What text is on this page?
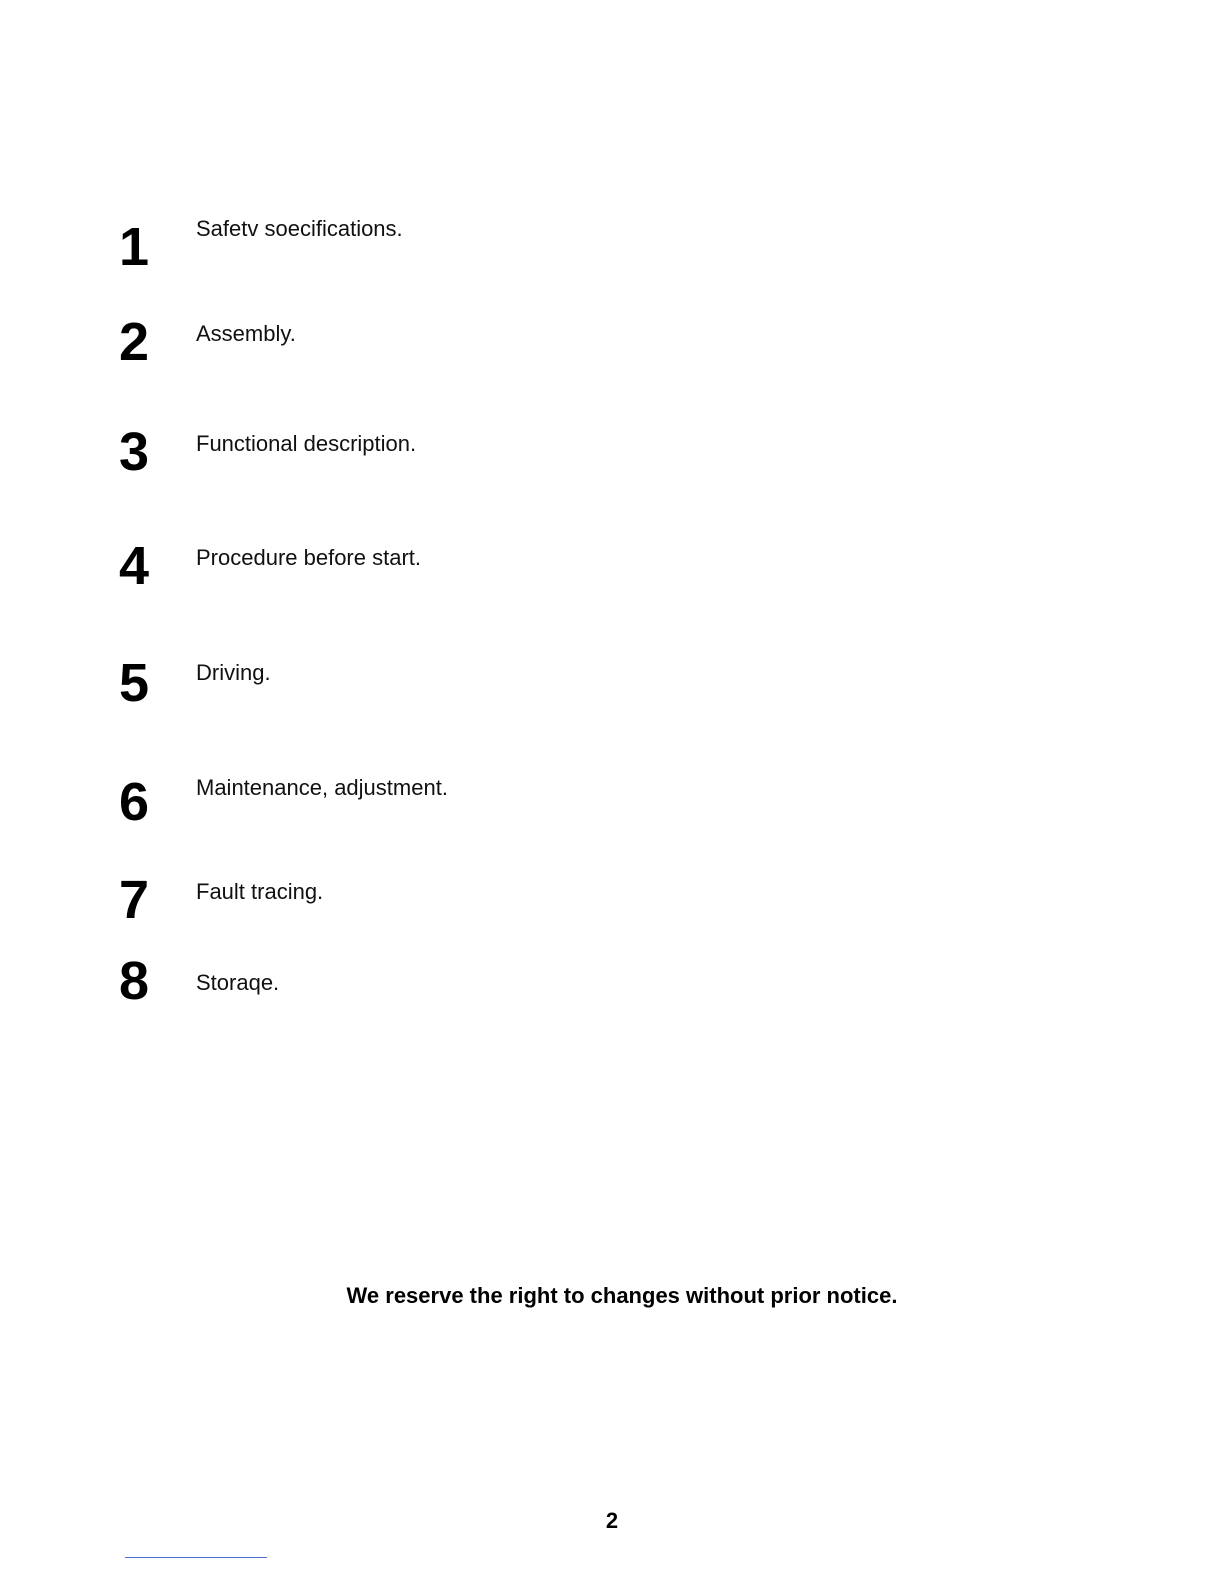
1	Safetv soecifications.
2	Assembly.
3	Functional description.
4	Procedure before start.
5	Driving.
6	Maintenance, adjustment.
7	Fault tracing.
8	Storaqe.
We reserve the right to changes without prior notice.
2
